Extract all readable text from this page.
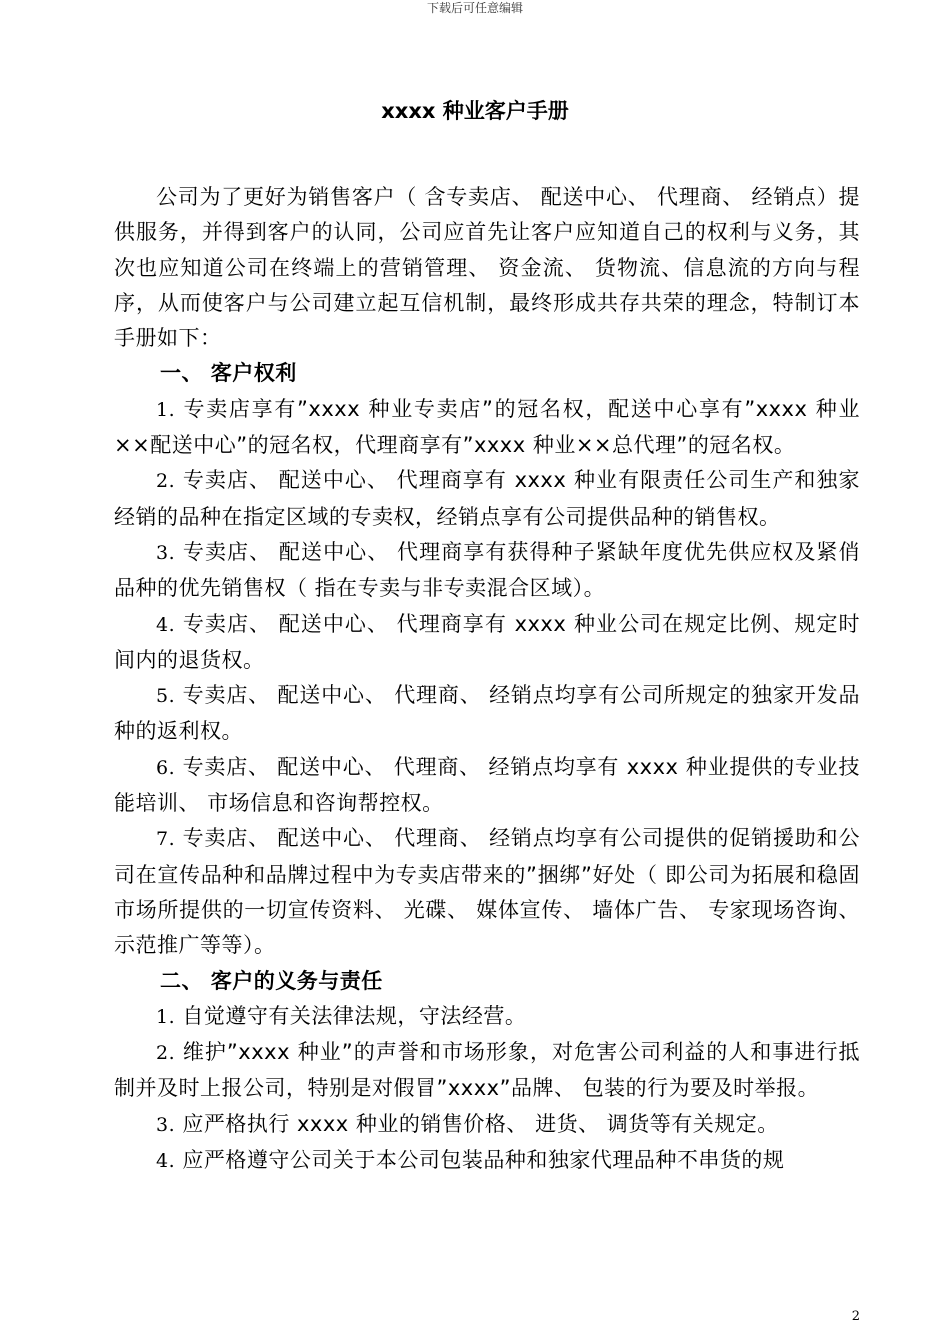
下载后可任意编辑
xxxx 种业客户手册

公司为了更好为销售客户（ 含专卖店、 配送中心、 代理商、 经销点）提供服务，并得到客户的认同，公司应首先让客户应知道自己的权利与义务，其次也应知道公司在终端上的营销管理、 资金流、 货物流、信息流的方向与程序，从而使客户与公司建立起互信机制，最终形成共存共荣的理念，特制订本手册如下：

一、 客户权利

1. 专卖店享有”xxxx 种业专卖店”的冠名权，配送中心享有”xxxx 种业××配送中心”的冠名权，代理商享有”xxxx 种业××总代理”的冠名权。

2. 专卖店、 配送中心、 代理商享有 xxxx 种业有限责任公司生产和独家经销的品种在指定区域的专卖权，经销点享有公司提供品种的销售权。

3. 专卖店、 配送中心、 代理商享有获得种子紧缺年度优先供应权及紧俏品种的优先销售权（ 指在专卖与非专卖混合区域）。

4. 专卖店、 配送中心、 代理商享有 xxxx 种业公司在规定比例、规定时间内的退货权。

5. 专卖店、 配送中心、 代理商、 经销点均享有公司所规定的独家开发品种的返利权。

6. 专卖店、 配送中心、 代理商、 经销点均享有 xxxx 种业提供的专业技能培训、 市场信息和咨询帮控权。

7. 专卖店、 配送中心、 代理商、 经销点均享有公司提供的促销援助和公司在宣传品种和品牌过程中为专卖店带来的”捆绑”好处（ 即公司为拓展和稳固市场所提供的一切宣传资料、 光碟、 媒体宣传、 墙体广告、 专家现场咨询、 示范推广等等）。

二、 客户的义务与责任

1. 自觉遵守有关法律法规，守法经营。

2. 维护”xxxx 种业”的声誉和市场形象，对危害公司利益的人和事进行抵制并及时上报公司，特别是对假冒”xxxx”品牌、 包装的行为要及时举报。

3. 应严格执行 xxxx 种业的销售价格、 进货、 调货等有关规定。

4. 应严格遵守公司关于本公司包装品种和独家代理品种不串货的规

2
